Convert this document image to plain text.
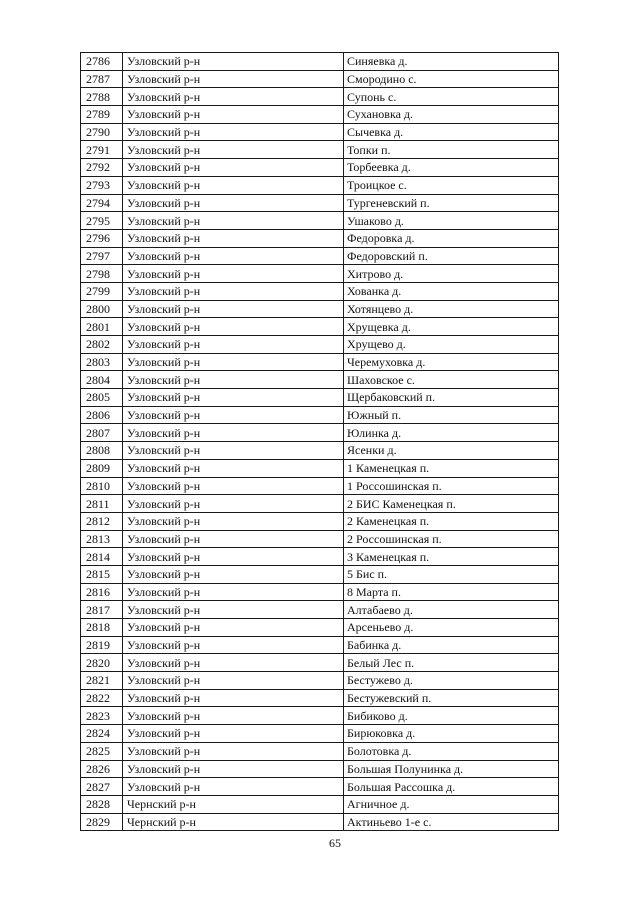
2786	Узловский р-н	Синяевка д.
2787	Узловский р-н	Смородино с.
2788	Узловский р-н	Супонь с.
2789	Узловский р-н	Сухановка д.
2790	Узловский р-н	Сычевка д.
2791	Узловский р-н	Топки п.
2792	Узловский р-н	Торбеевка д.
2793	Узловский р-н	Троицкое с.
2794	Узловский р-н	Тургеневский п.
2795	Узловский р-н	Ушаково д.
2796	Узловский р-н	Федоровка д.
2797	Узловский р-н	Федоровский п.
2798	Узловский р-н	Хитрово д.
2799	Узловский р-н	Хованка д.
2800	Узловский р-н	Хотянцево д.
2801	Узловский р-н	Хрущевка д.
2802	Узловский р-н	Хрущево д.
2803	Узловский р-н	Черемуховка д.
2804	Узловский р-н	Шаховское с.
2805	Узловский р-н	Щербаковский п.
2806	Узловский р-н	Южный п.
2807	Узловский р-н	Юлинка д.
2808	Узловский р-н	Ясенки д.
2809	Узловский р-н	1 Каменецкая п.
2810	Узловский р-н	1 Россошинская п.
2811	Узловский р-н	2 БИС Каменецкая п.
2812	Узловский р-н	2 Каменецкая п.
2813	Узловский р-н	2 Россошинская п.
2814	Узловский р-н	3 Каменецкая п.
2815	Узловский р-н	5 Бис п.
2816	Узловский р-н	8 Марта п.
2817	Узловский р-н	Алтабаево д.
2818	Узловский р-н	Арсеньево д.
2819	Узловский р-н	Бабинка д.
2820	Узловский р-н	Белый Лес п.
2821	Узловский р-н	Бестужево д.
2822	Узловский р-н	Бестужевский п.
2823	Узловский р-н	Бибиково д.
2824	Узловский р-н	Бирюковка д.
2825	Узловский р-н	Болотовка д.
2826	Узловский р-н	Большая Полунинка д.
2827	Узловский р-н	Большая Рассошка д.
2828	Чернский р-н	Агничное д.
2829	Чернский р-н	Актиньево 1-е с.
65
